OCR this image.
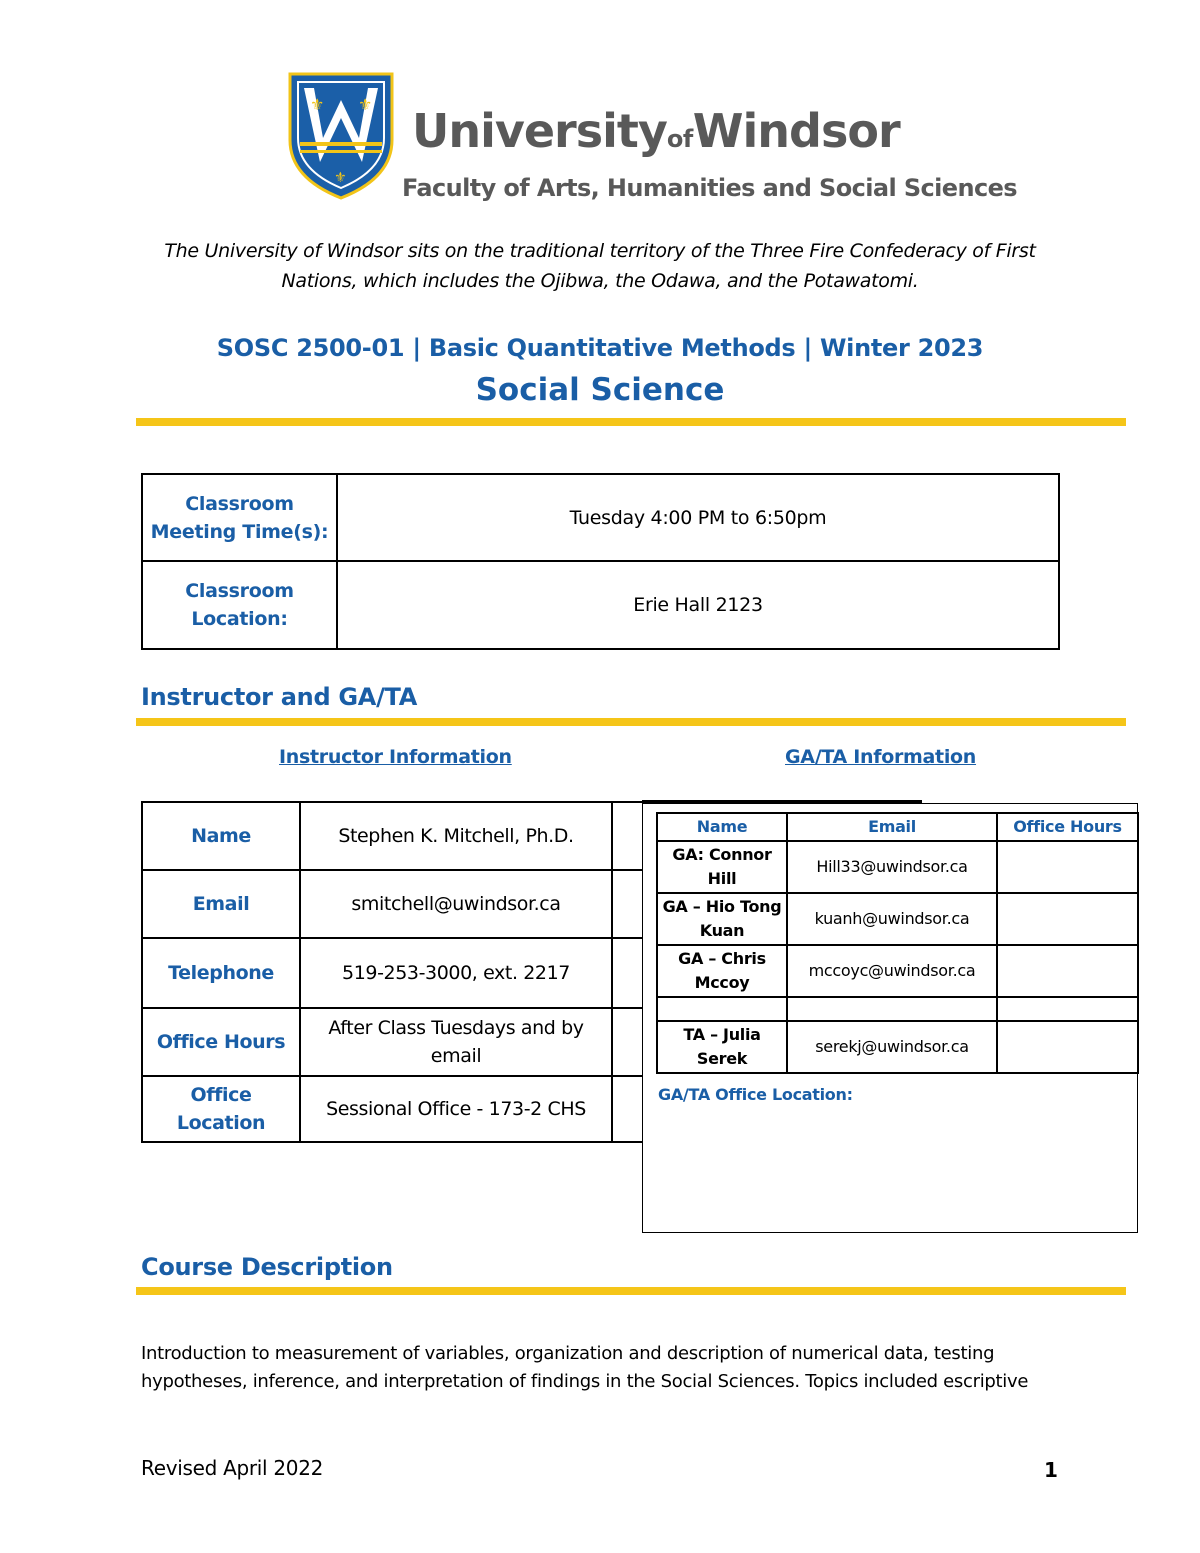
⚜ ⚜
⚜
UniversityofWindsor
Faculty of Arts, Humanities and Social Sciences
The University of Windsor sits on the traditional territory of the Three Fire Confederacy of First Nations, which includes the Ojibwa, the Odawa, and the Potawatomi.
SOSC 2500-01 | Basic Quantitative Methods | Winter 2023
Social Science
Classroom Meeting Time(s):	Tuesday 4:00 PM to 6:50pm
Classroom Location:	Erie Hall 2123
Instructor and GA/TA
Instructor Information	GA/TA Information
Name	Stephen K. Mitchell, Ph.D.	
Email	smitchell@uwindsor.ca	
Telephone	519-253-3000, ext. 2217	
Office Hours	After Class Tuesdays and by email	
Office Location	Sessional Office - 173-2 CHS	
Name	Email	Office Hours
GA: Connor Hill	Hill33@uwindsor.ca	
GA – Hio Tong Kuan	kuanh@uwindsor.ca	
GA – Chris Mccoy	mccoyc@uwindsor.ca	

TA – Julia Serek	serekj@uwindsor.ca	
GA/TA Office Location:
Course Description
Introduction to measurement of variables, organization and description of numerical data, testing hypotheses, inference, and interpretation of findings in the Social Sciences. Topics included escriptive
Revised April 2022	1
